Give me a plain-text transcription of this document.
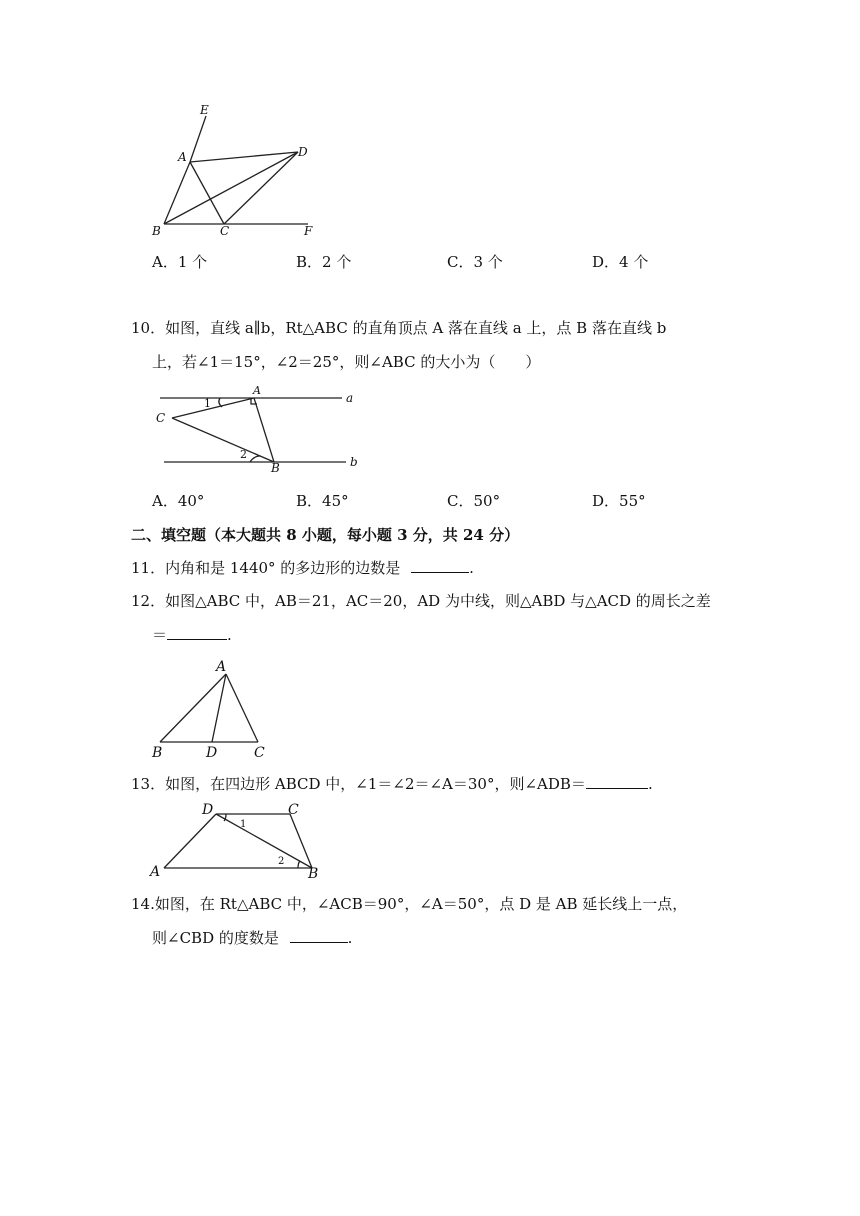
E
A	D
B	C	F
A．1 个	B．2 个	C．3 个	D．4 个
10．如图，直线 a∥b，Rt△ABC 的直角顶点 A 落在直线 a 上，点 B 落在直线 b
上，若∠1＝15°，∠2＝25°，则∠ABC 的大小为（　　）
A
C
1	a
2
B	b
A．40°	B．45°	C．50°	D．55°
二、填空题（本大题共 8 小题，每小题 3 分，共 24 分）
11．内角和是 1440° 的多边形的边数是	.
12．如图△ABC 中，AB＝21，AC＝20，AD 为中线，则△ABD 与△ACD 的周长之差
＝	.
A
B	D	C
13．如图，在四边形 ABCD 中，∠1＝∠2＝∠A＝30°，则∠ADB＝	.
D	C
1
2
A	B
14.如图，在 Rt△ABC 中，∠ACB＝90°，∠A＝50°，点 D 是 AB 延长线上一点，
则∠CBD 的度数是	.
